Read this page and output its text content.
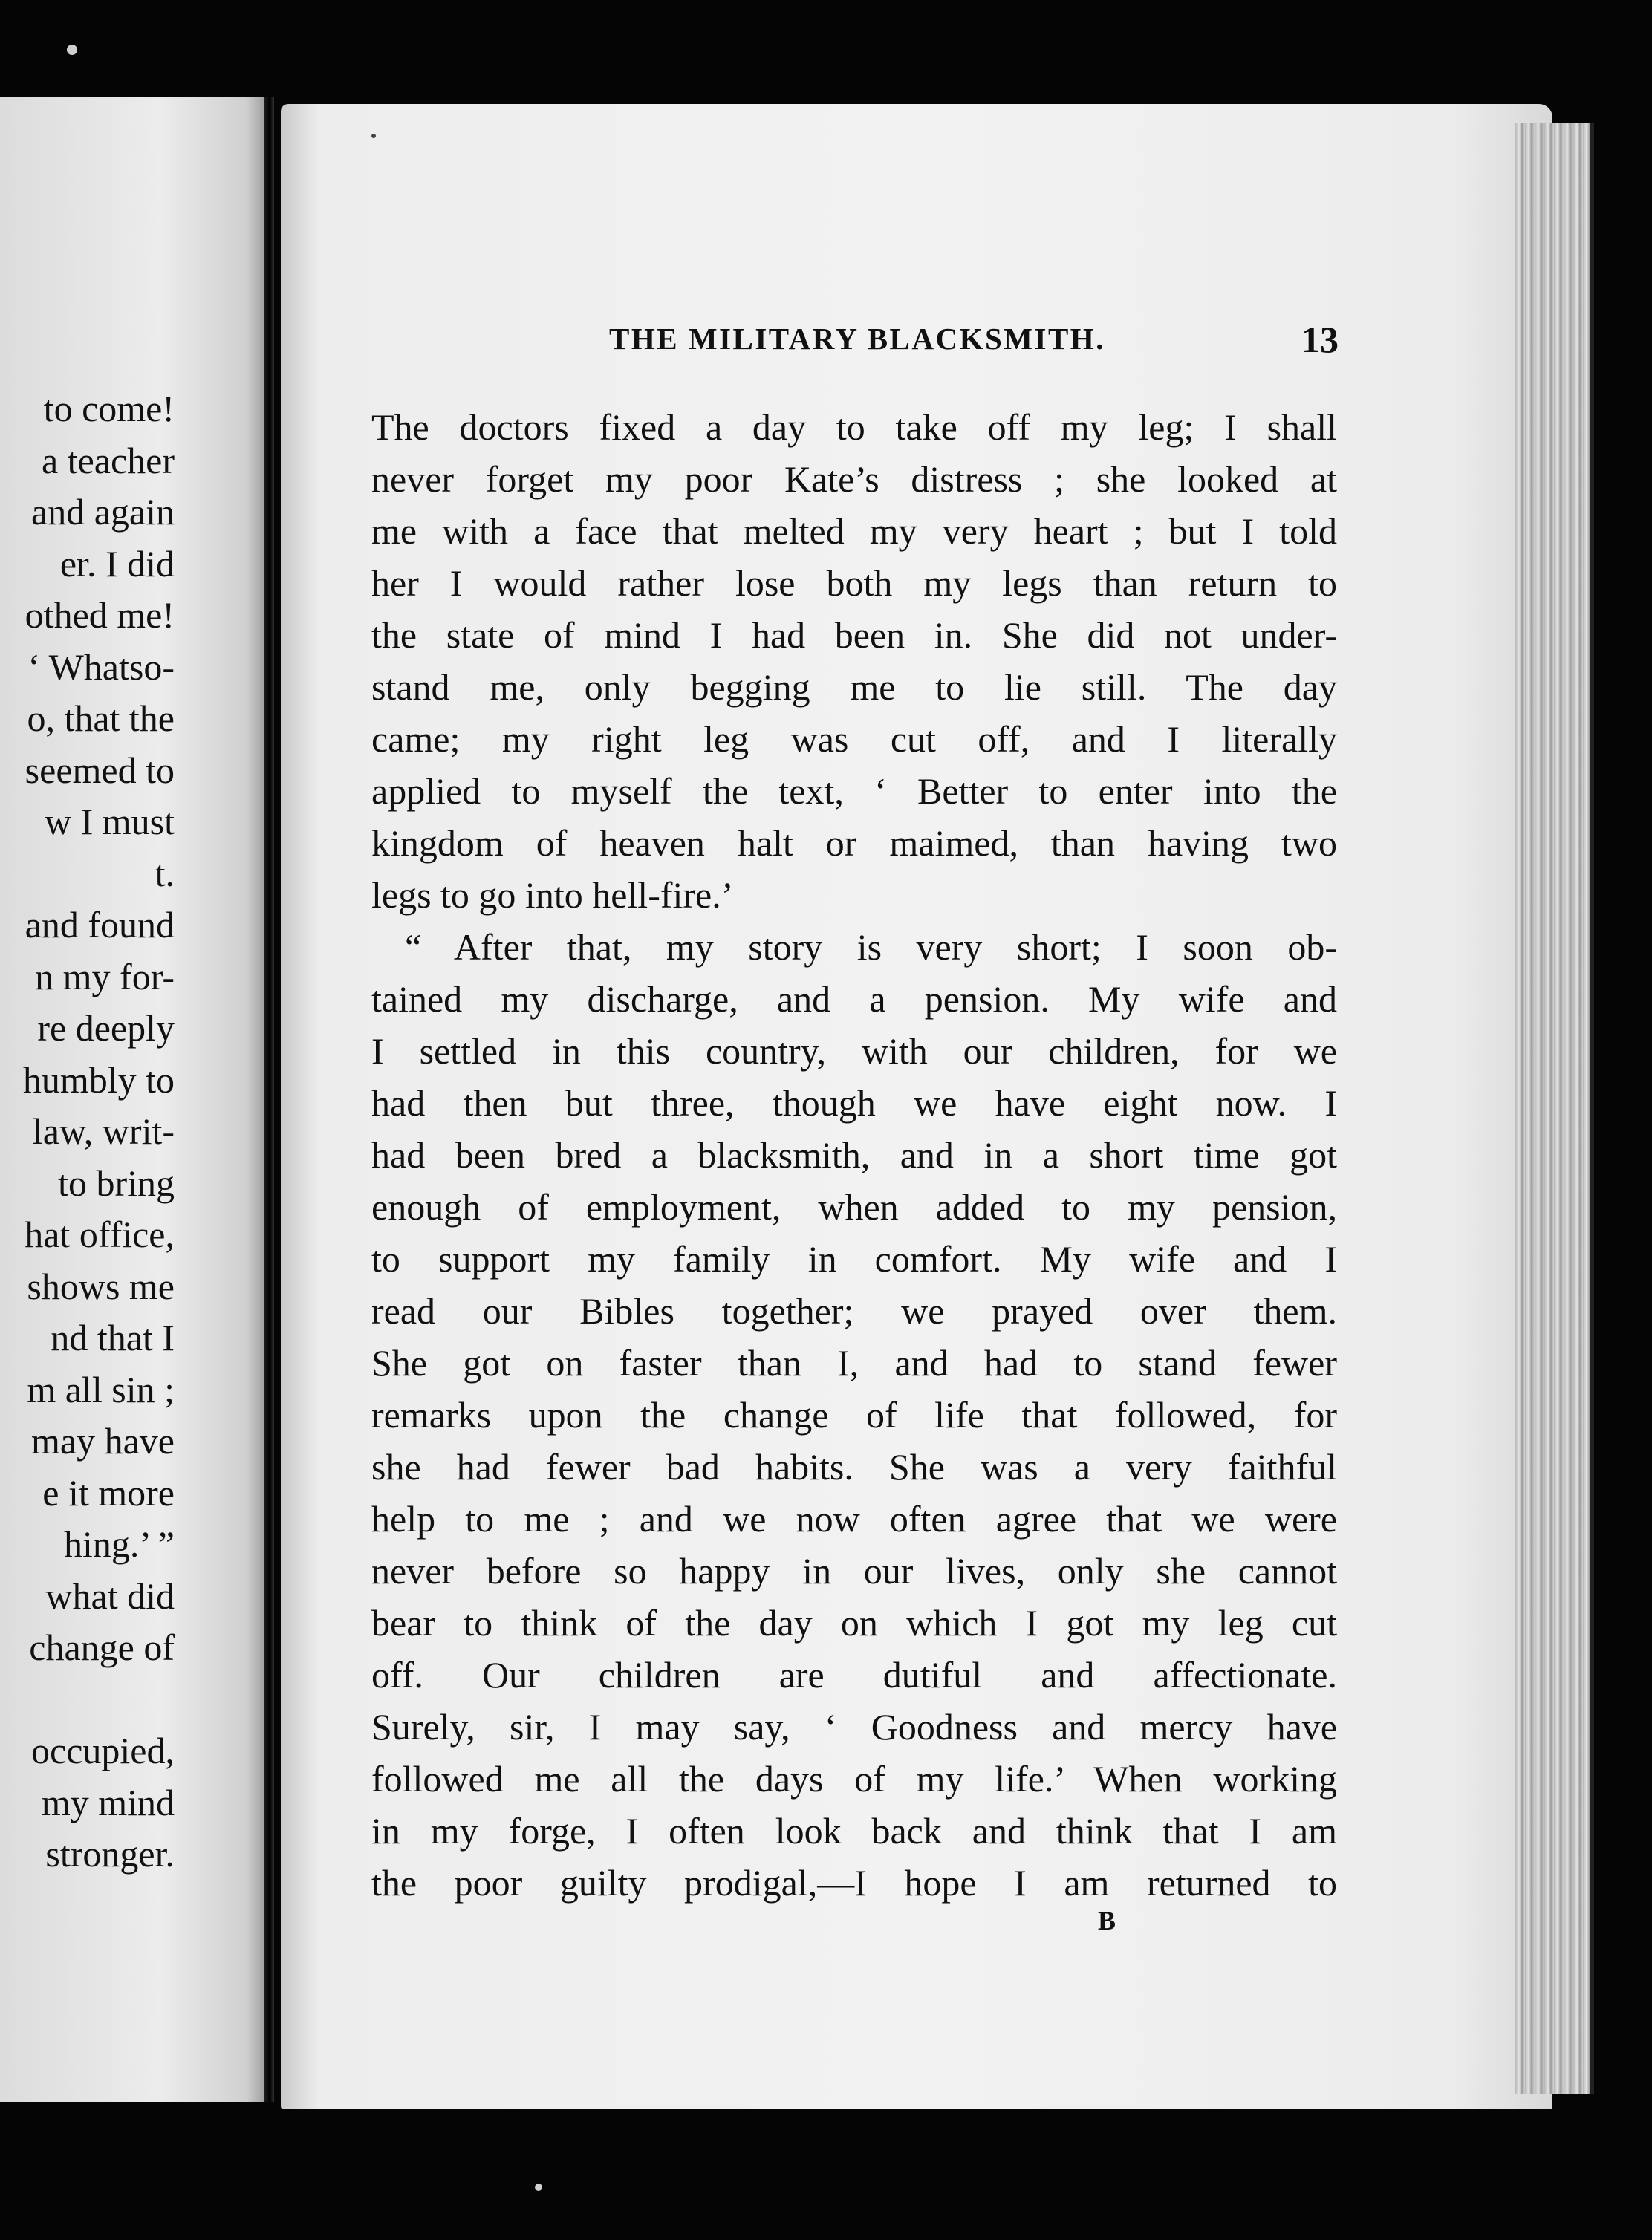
to come!
a teacher
and again
er. I did
othed me!
‘ Whatso-
o, that the
seemed to
w I must
t.
and found
n my for-
re deeply
humbly to
law, writ-
to bring
hat office,
shows me
nd that I
m all sin ;
may have
e it more
hing.’ ”
what did
change of
occupied,
my mind
stronger.
THE MILITARY BLACKSMITH.	13
The doctors fixed a day to take off my leg; I shall
never forget my poor Kate’s distress ; she looked at
me with a face that melted my very heart ; but I told
her I would rather lose both my legs than return to
the state of mind I had been in. She did not under-
stand me, only begging me to lie still. The day
came; my right leg was cut off, and I literally
applied to myself the text, ‘ Better to enter into the
kingdom of heaven halt or maimed, than having two
legs to go into hell-fire.’
“ After that, my story is very short; I soon ob-
tained my discharge, and a pension. My wife and
I settled in this country, with our children, for we
had then but three, though we have eight now. I
had been bred a blacksmith, and in a short time got
enough of employment, when added to my pension,
to support my family in comfort. My wife and I
read our Bibles together; we prayed over them.
She got on faster than I, and had to stand fewer
remarks upon the change of life that followed, for
she had fewer bad habits. She was a very faithful
help to me ; and we now often agree that we were
never before so happy in our lives, only she cannot
bear to think of the day on which I got my leg cut
off. Our children are dutiful and affectionate.
Surely, sir, I may say, ‘ Goodness and mercy have
followed me all the days of my life.’ When working
in my forge, I often look back and think that I am
the poor guilty prodigal,—I hope I am returned to
B
